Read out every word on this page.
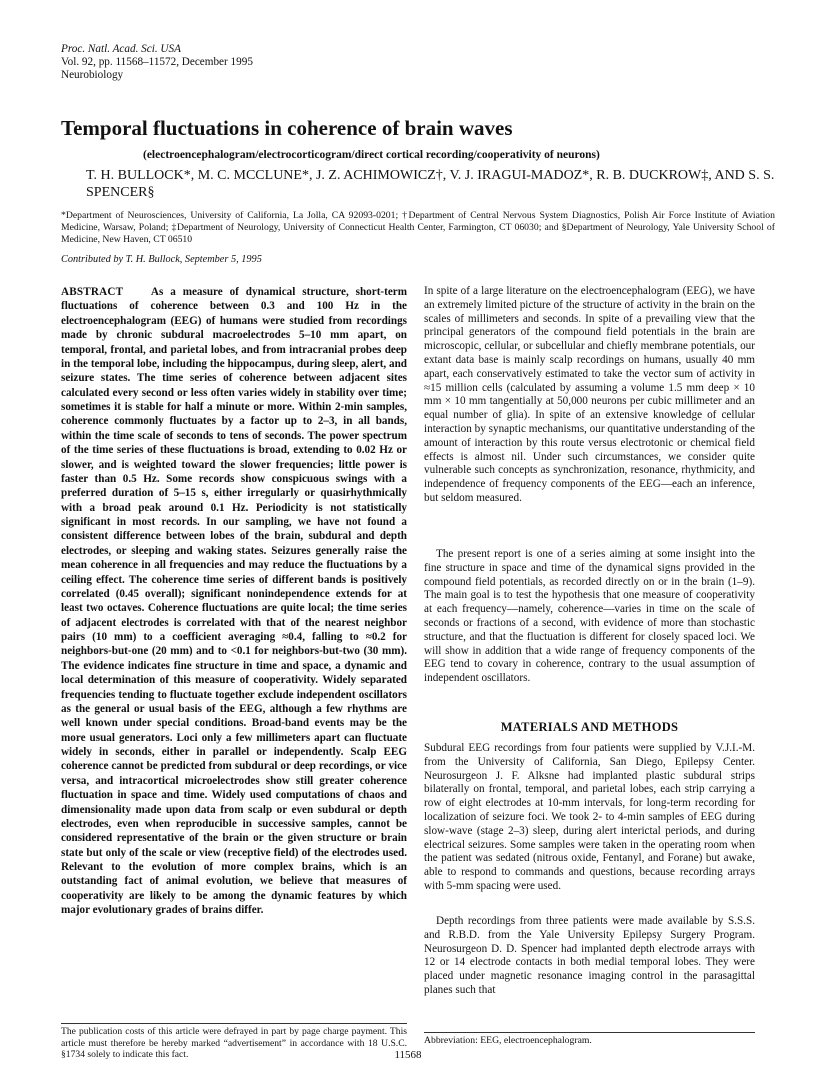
Proc. Natl. Acad. Sci. USA
Vol. 92, pp. 11568–11572, December 1995
Neurobiology
Temporal fluctuations in coherence of brain waves
(electroencephalogram/electrocorticogram/direct cortical recording/cooperativity of neurons)
T. H. BULLOCK*, M. C. MCCLUNE*, J. Z. ACHIMOWICZ†, V. J. IRAGUI-MADOZ*, R. B. DUCKROW‡, AND S. S. SPENCER§
*Department of Neurosciences, University of California, La Jolla, CA 92093-0201; †Department of Central Nervous System Diagnostics, Polish Air Force Institute of Aviation Medicine, Warsaw, Poland; ‡Department of Neurology, University of Connecticut Health Center, Farmington, CT 06030; and §Department of Neurology, Yale University School of Medicine, New Haven, CT 06510
Contributed by T. H. Bullock, September 5, 1995

ABSTRACT As a measure of dynamical structure, short-term fluctuations of coherence between 0.3 and 100 Hz in the electroencephalogram (EEG) of humans were studied from recordings made by chronic subdural macroelectrodes 5–10 mm apart, on temporal, frontal, and parietal lobes, and from intracranial probes deep in the temporal lobe, including the hippocampus, during sleep, alert, and seizure states. The time series of coherence between adjacent sites calculated every second or less often varies widely in stability over time; sometimes it is stable for half a minute or more. Within 2-min samples, coherence commonly fluctuates by a factor up to 2–3, in all bands, within the time scale of seconds to tens of seconds. The power spectrum of the time series of these fluctuations is broad, extending to 0.02 Hz or slower, and is weighted toward the slower frequencies; little power is faster than 0.5 Hz. Some records show conspicuous swings with a preferred duration of 5–15 s, either irregularly or quasirhythmically with a broad peak around 0.1 Hz. Periodicity is not statistically significant in most records. In our sampling, we have not found a consistent difference between lobes of the brain, subdural and depth electrodes, or sleeping and waking states. Seizures generally raise the mean coherence in all frequencies and may reduce the fluctuations by a ceiling effect. The coherence time series of different bands is positively correlated (0.45 overall); significant nonindependence extends for at least two octaves. Coherence fluctuations are quite local; the time series of adjacent electrodes is correlated with that of the nearest neighbor pairs (10 mm) to a coefficient averaging ≈0.4, falling to ≈0.2 for neighbors-but-one (20 mm) and to <0.1 for neighbors-but-two (30 mm). The evidence indicates fine structure in time and space, a dynamic and local determination of this measure of cooperativity. Widely separated frequencies tending to fluctuate together exclude independent oscillators as the general or usual basis of the EEG, although a few rhythms are well known under special conditions. Broad-band events may be the more usual generators. Loci only a few millimeters apart can fluctuate widely in seconds, either in parallel or independently. Scalp EEG coherence cannot be predicted from subdural or deep recordings, or vice versa, and intracortical microelectrodes show still greater coherence fluctuation in space and time. Widely used computations of chaos and dimensionality made upon data from scalp or even subdural or depth electrodes, even when reproducible in successive samples, cannot be considered representative of the brain or the given structure or brain state but only of the scale or view (receptive field) of the electrodes used. Relevant to the evolution of more complex brains, which is an outstanding fact of animal evolution, we believe that measures of cooperativity are likely to be among the dynamic features by which major evolutionary grades of brains differ.

In spite of a large literature on the electroencephalogram (EEG), we have an extremely limited picture of the structure of activity in the brain on the scales of millimeters and seconds. In spite of a prevailing view that the principal generators of the compound field potentials in the brain are microscopic, cellular, or subcellular and chiefly membrane potentials, our extant data base is mainly scalp recordings on humans, usually 40 mm apart, each conservatively estimated to take the vector sum of activity in ≈15 million cells (calculated by assuming a volume 1.5 mm deep × 10 mm × 10 mm tangentially at 50,000 neurons per cubic millimeter and an equal number of glia). In spite of an extensive knowledge of cellular interaction by synaptic mechanisms, our quantitative understanding of the amount of interaction by this route versus electrotonic or chemical field effects is almost nil. Under such circumstances, we consider quite vulnerable such concepts as synchronization, resonance, rhythmicity, and independence of frequency components of the EEG—each an inference, but seldom measured.

The present report is one of a series aiming at some insight into the fine structure in space and time of the dynamical signs provided in the compound field potentials, as recorded directly on or in the brain (1–9). The main goal is to test the hypothesis that one measure of cooperativity at each frequency—namely, coherence—varies in time on the scale of seconds or fractions of a second, with evidence of more than stochastic structure, and that the fluctuation is different for closely spaced loci. We will show in addition that a wide range of frequency components of the EEG tend to covary in coherence, contrary to the usual assumption of independent oscillators.

MATERIALS AND METHODS

Subdural EEG recordings from four patients were supplied by V.J.I.-M. from the University of California, San Diego, Epilepsy Center. Neurosurgeon J. F. Alksne had implanted plastic subdural strips bilaterally on frontal, temporal, and parietal lobes, each strip carrying a row of eight electrodes at 10-mm intervals, for long-term recording for localization of seizure foci. We took 2- to 4-min samples of EEG during slow-wave (stage 2–3) sleep, during alert interictal periods, and during electrical seizures. Some samples were taken in the operating room when the patient was sedated (nitrous oxide, Fentanyl, and Forane) but awake, able to respond to commands and questions, because recording arrays with 5-mm spacing were used.

Depth recordings from three patients were made available by S.S.S. and R.B.D. from the Yale University Epilepsy Surgery Program. Neurosurgeon D. D. Spencer had implanted depth electrode arrays with 12 or 14 electrode contacts in both medial temporal lobes. They were placed under magnetic resonance imaging control in the parasagittal planes such that

The publication costs of this article were defrayed in part by page charge payment. This article must therefore be hereby marked “advertisement” in accordance with 18 U.S.C. §1734 solely to indicate this fact.
Abbreviation: EEG, electroencephalogram.
11568
